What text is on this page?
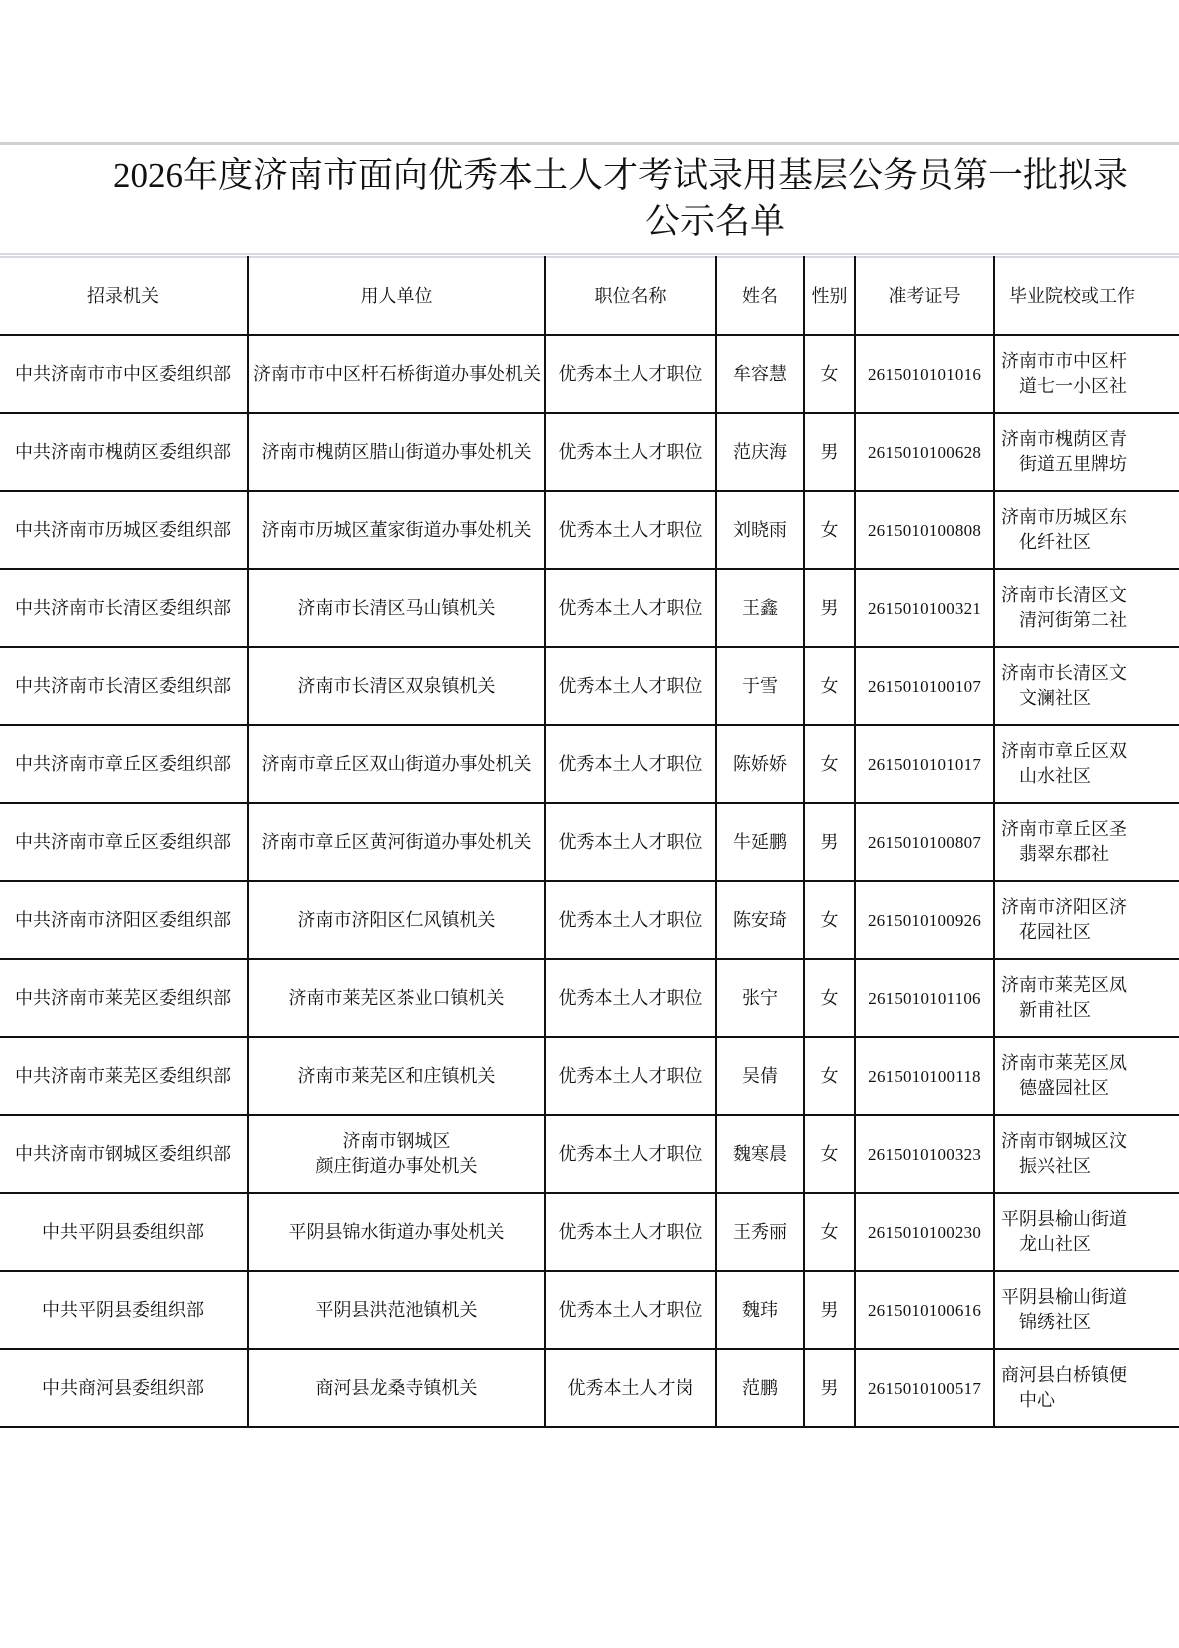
2026年度济南市面向优秀本土人才考试录用基层公务员第一批拟录
公示名单
招录机关	用人单位	职位名称	姓名	性别	准考证号	毕业院校或工作
中共济南市市中区委组织部	济南市市中区杆石桥街道办事处机关	优秀本土人才职位	牟容慧	女	2615010101016	济南市市中区杆
道七一小区社

中共济南市槐荫区委组织部	济南市槐荫区腊山街道办事处机关	优秀本土人才职位	范庆海	男	2615010100628	济南市槐荫区青
街道五里牌坊

中共济南市历城区委组织部	济南市历城区董家街道办事处机关	优秀本土人才职位	刘晓雨	女	2615010100808	济南市历城区东
化纤社区

中共济南市长清区委组织部	济南市长清区马山镇机关	优秀本土人才职位	王鑫	男	2615010100321	济南市长清区文
清河街第二社

中共济南市长清区委组织部	济南市长清区双泉镇机关	优秀本土人才职位	于雪	女	2615010100107	济南市长清区文
文澜社区

中共济南市章丘区委组织部	济南市章丘区双山街道办事处机关	优秀本土人才职位	陈娇娇	女	2615010101017	济南市章丘区双
山水社区

中共济南市章丘区委组织部	济南市章丘区黄河街道办事处机关	优秀本土人才职位	牛延鹏	男	2615010100807	济南市章丘区圣
翡翠东郡社

中共济南市济阳区委组织部	济南市济阳区仁风镇机关	优秀本土人才职位	陈安琦	女	2615010100926	济南市济阳区济
花园社区

中共济南市莱芜区委组织部	济南市莱芜区茶业口镇机关	优秀本土人才职位	张宁	女	2615010101106	济南市莱芜区凤
新甫社区

中共济南市莱芜区委组织部	济南市莱芜区和庄镇机关	优秀本土人才职位	吴倩	女	2615010100118	济南市莱芜区凤
德盛园社区

中共济南市钢城区委组织部	济南市钢城区
颜庄街道办事处机关	优秀本土人才职位	魏寒晨	女	2615010100323	济南市钢城区汶
振兴社区

中共平阴县委组织部	平阴县锦水街道办事处机关	优秀本土人才职位	王秀丽	女	2615010100230	平阴县榆山街道
龙山社区

中共平阴县委组织部	平阴县洪范池镇机关	优秀本土人才职位	魏玮	男	2615010100616	平阴县榆山街道
锦绣社区

中共商河县委组织部	商河县龙桑寺镇机关	优秀本土人才岗	范鹏	男	2615010100517	商河县白桥镇便
中心
